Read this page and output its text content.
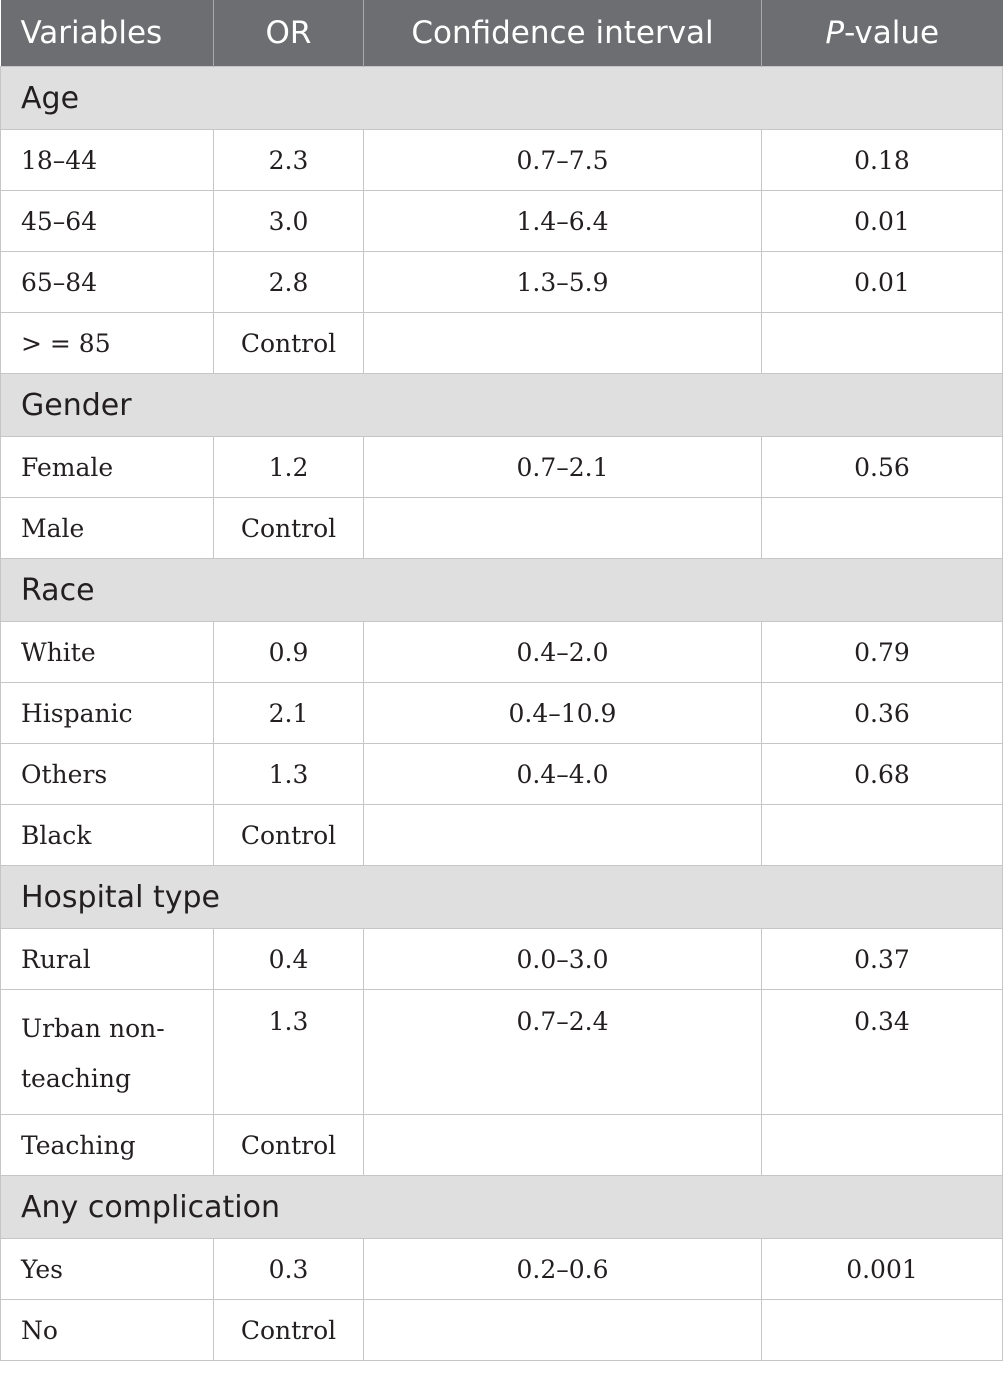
Variables	OR	Confidence interval	P-value
Age			
18–44	2.3	0.7–7.5	0.18
45–64	3.0	1.4–6.4	0.01
65–84	2.8	1.3–5.9	0.01
> = 85	Control		
Gender			
Female	1.2	0.7–2.1	0.56
Male	Control		
Race			
White	0.9	0.4–2.0	0.79
Hispanic	2.1	0.4–10.9	0.36
Others	1.3	0.4–4.0	0.68
Black	Control		
Hospital type			
Rural	0.4	0.0–3.0	0.37
Urban non-
teaching	1.3	0.7–2.4	0.34
Teaching	Control		
Any complication			
Yes	0.3	0.2–0.6	0.001
No	Control		
